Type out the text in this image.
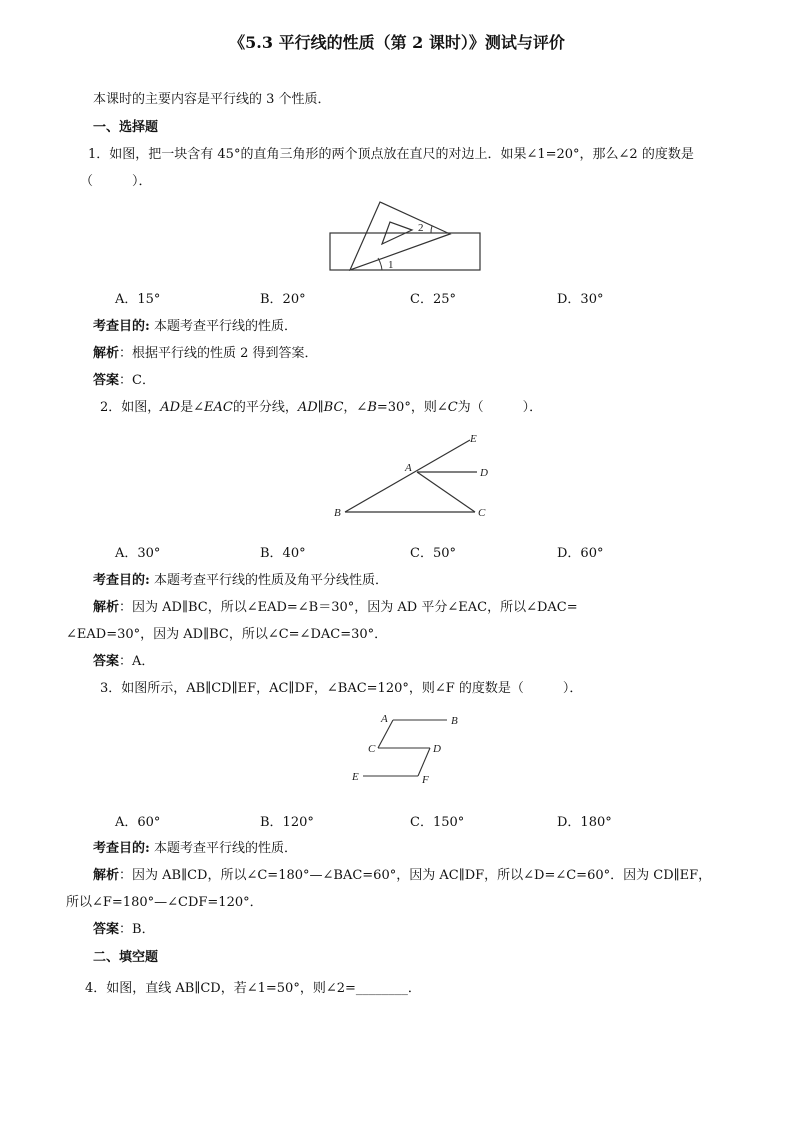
《5.3 平行线的性质（第 2 课时）》测试与评价
本课时的主要内容是平行线的 3 个性质．
一、选择题
1．如图，把一块含有 45°的直角三角形的两个顶点放在直尺的对边上．如果∠1=20°，那么∠2 的度数是
（　　　）．
1
2
A．15°	B．20°	C．25°	D．30°
考查目的: 本题考查平行线的性质．
解析：根据平行线的性质 2 得到答案．
答案：C．
2．如图，AD是∠EAC的平分线，AD∥BC，∠B=30°，则∠C为（　　　）．
A
B	C
D
E
A．30°	B．40°	C．50°	D．60°
考查目的: 本题考查平行线的性质及角平分线性质．
解析：因为 AD∥BC，所以∠EAD=∠B＝30°，因为 AD 平分∠EAC，所以∠DAC=
∠EAD=30°，因为 AD∥BC，所以∠C=∠DAC=30°．
答案：A．
3．如图所示，AB∥CD∥EF，AC∥DF，∠BAC=120°，则∠F 的度数是（　　　）．
A	B
C	D
E	F
A．60°	B．120°	C．150°	D．180°
考查目的: 本题考查平行线的性质．
解析：因为 AB∥CD，所以∠C=180°—∠BAC=60°，因为 AC∥DF，所以∠D=∠C=60°．因为 CD∥EF，
所以∠F=180°—∠CDF=120°．
答案：B．
二、填空题
4．如图，直线 AB∥CD，若∠1=50°，则∠2=________．
